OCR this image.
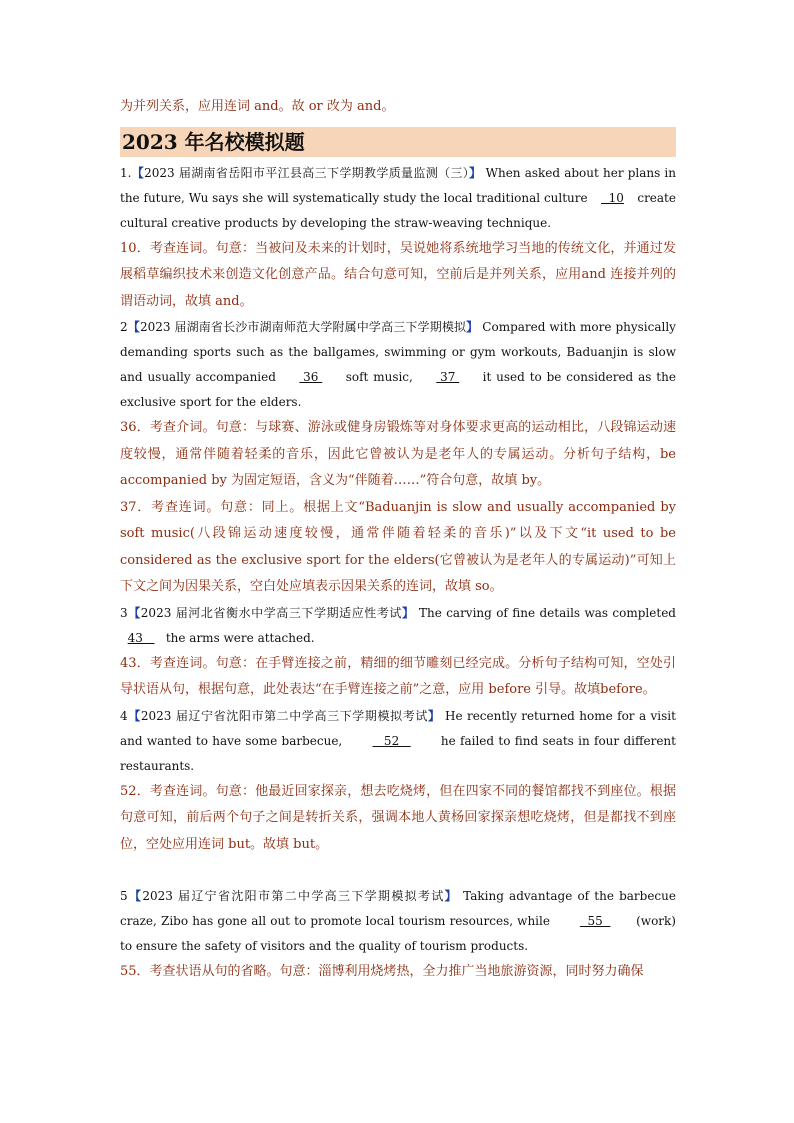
为并列关系，应用连词 and。故 or 改为 and。

2023 年名校模拟题

1.【2023 届湖南省岳阳市平江县高三下学期教学质量监测（三）】 When asked about her plans in the future, Wu says she will systematically study the local traditional culture   10 create cultural creative products by developing the straw-weaving technique.

10．考查连词。句意：当被问及未来的计划时，吴说她将系统地学习当地的传统文化，并通过发展稻草编织技术来创造文化创意产品。结合句意可知，空前后是并列关系，应用and 连接并列的谓语动词，故填 and。

2【2023 届湖南省长沙市湖南师范大学附属中学高三下学期模拟】 Compared with more physically demanding sports such as the ballgames, swimming or gym workouts, Baduanjin is slow and usually accompanied  36  soft music,  37  it used to be considered as the exclusive sport for the elders.

36．考查介词。句意：与球赛、游泳或健身房锻炼等对身体要求更高的运动相比，八段锦运动速度较慢，通常伴随着轻柔的音乐，因此它曾被认为是老年人的专属运动。分析句子结构，be accompanied by 为固定短语，含义为“伴随着……”符合句意，故填 by。

37．考查连词。句意：同上。根据上文“Baduanjin is slow and usually accompanied by soft music(八段锦运动速度较慢，通常伴随着轻柔的音乐)”以及下文“it used to be considered as the exclusive sport for the elders(它曾被认为是老年人的专属运动)”可知上下文之间为因果关系，空白处应填表示因果关系的连词，故填 so。

3【2023 届河北省衡水中学高三下学期适应性考试】 The carving of fine details was completed 43    the arms were attached.

43．考查连词。句意：在手臂连接之前，精细的细节雕刻已经完成。分析句子结构可知，空处引导状语从句，根据句意，此处表达“在手臂连接之前”之意，应用 before 引导。故填before。

4【2023 届辽宁省沈阳市第二中学高三下学期模拟考试】 He recently returned home for a visit and wanted to have some barbecue,	52	he failed to find seats in four different restaurants.

52．考查连词。句意：他最近回家探亲，想去吃烧烤，但在四家不同的餐馆都找不到座位。根据句意可知，前后两个句子之间是转折关系，强调本地人黄杨回家探亲想吃烧烤，但是都找不到座位，空处应用连词 but。故填 but。

5【2023 届辽宁省沈阳市第二中学高三下学期模拟考试】 Taking advantage of the barbecue craze, Zibo has gone all out to promote local tourism resources, while   55  (work) to ensure the safety of visitors and the quality of tourism products.

55．考查状语从句的省略。句意：淄博利用烧烤热，全力推广当地旅游资源，同时努力确保
